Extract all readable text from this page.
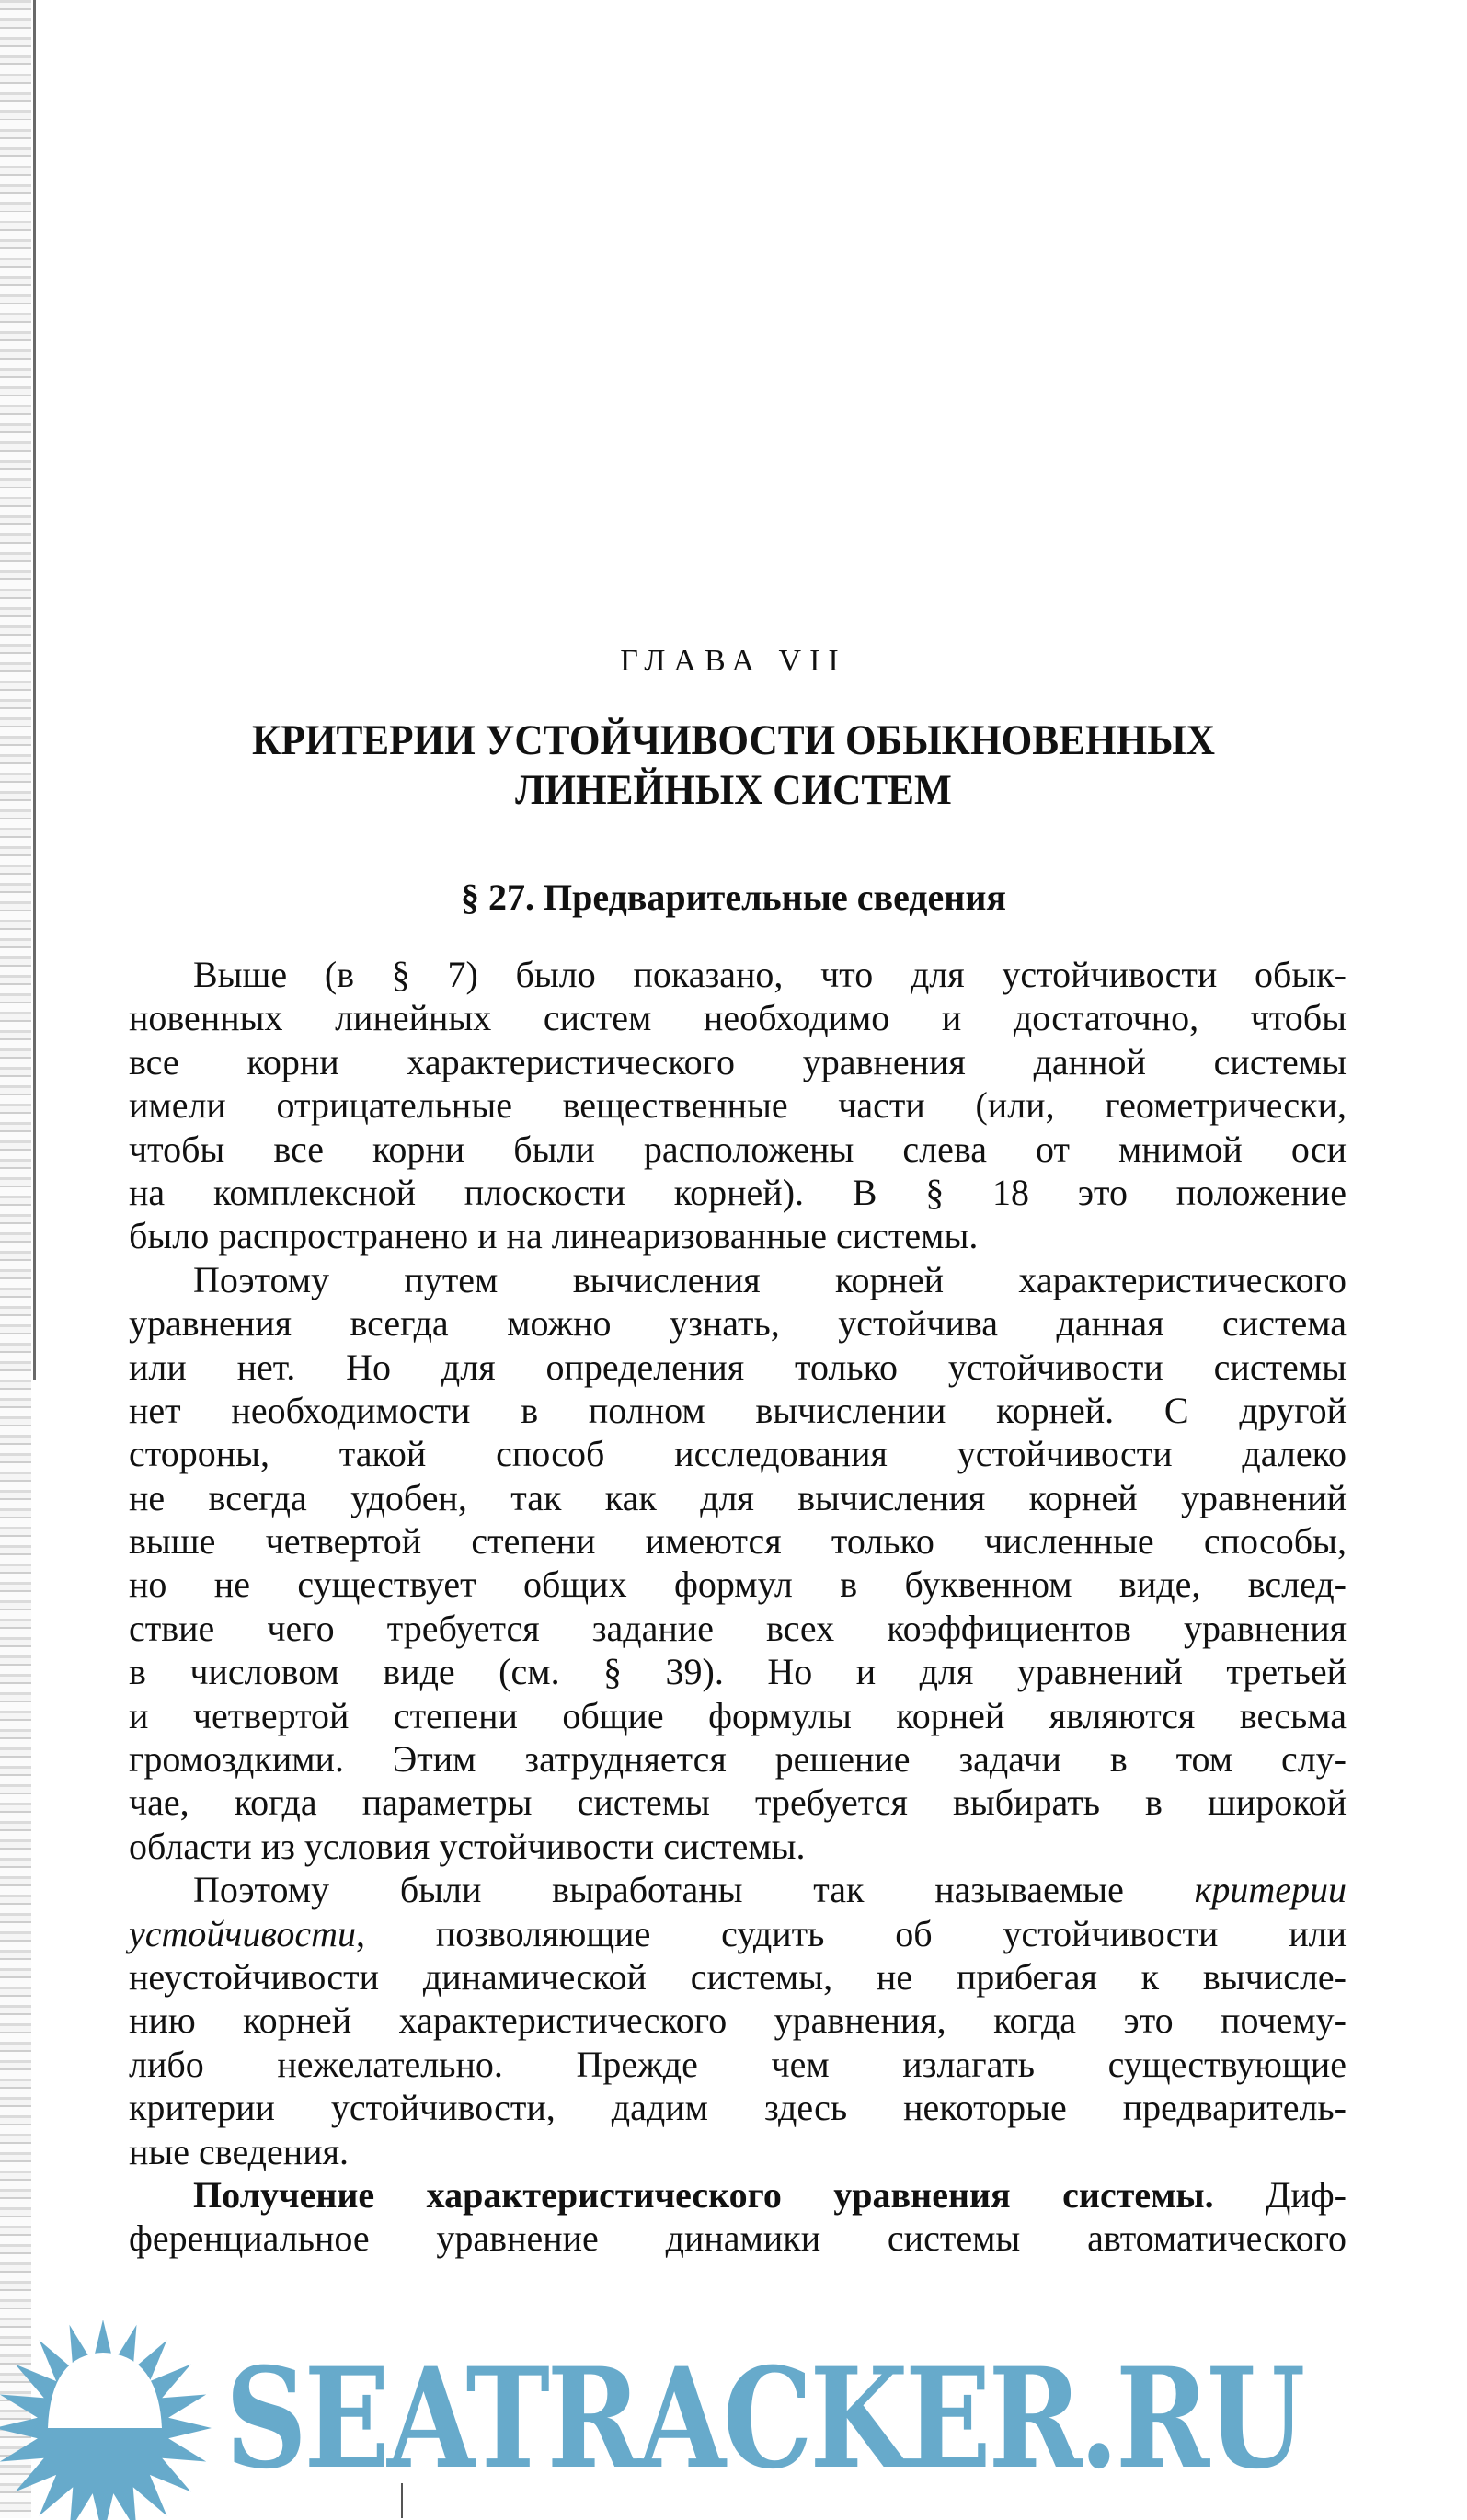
ГЛАВА VII
КРИТЕРИИ УСТОЙЧИВОСТИ ОБЫКНОВЕННЫХ
ЛИНЕЙНЫХ СИСТЕМ
§ 27. Предварительные сведения
Выше (в § 7) было показано, что для устойчивости обык-
новенных линейных систем необходимо и достаточно, чтобы
все корни характеристического уравнения данной системы
имели отрицательные вещественные части (или, геометрически,
чтобы все корни были расположены слева от мнимой оси
на комплексной плоскости корней). В § 18 это положение
было распространено и на линеаризованные системы.
Поэтому путем вычисления корней характеристического
уравнения всегда можно узнать, устойчива данная система
или нет. Но для определения только устойчивости системы
нет необходимости в полном вычислении корней. С другой
стороны, такой способ исследования устойчивости далеко
не всегда удобен, так как для вычисления корней уравнений
выше четвертой степени имеются только численные способы,
но не существует общих формул в буквенном виде, вслед-
ствие чего требуется задание всех коэффициентов уравнения
в числовом виде (см. § 39). Но и для уравнений третьей
и четвертой степени общие формулы корней являются весьма
громоздкими. Этим затрудняется решение задачи в том слу-
чае, когда параметры системы требуется выбирать в широкой
области из условия устойчивости системы.
Поэтому были выработаны так называемые критерии
устойчивости, позволяющие судить об устойчивости или
неустойчивости динамической системы, не прибегая к вычисле-
нию корней характеристического уравнения, когда это почему-
либо нежелательно. Прежде чем излагать существующие
критерии устойчивости, дадим здесь некоторые предваритель-
ные сведения.
Получение характеристического уравнения системы. Диф-
ференциальное уравнение динамики системы автоматического
SEATRACKER.RU
